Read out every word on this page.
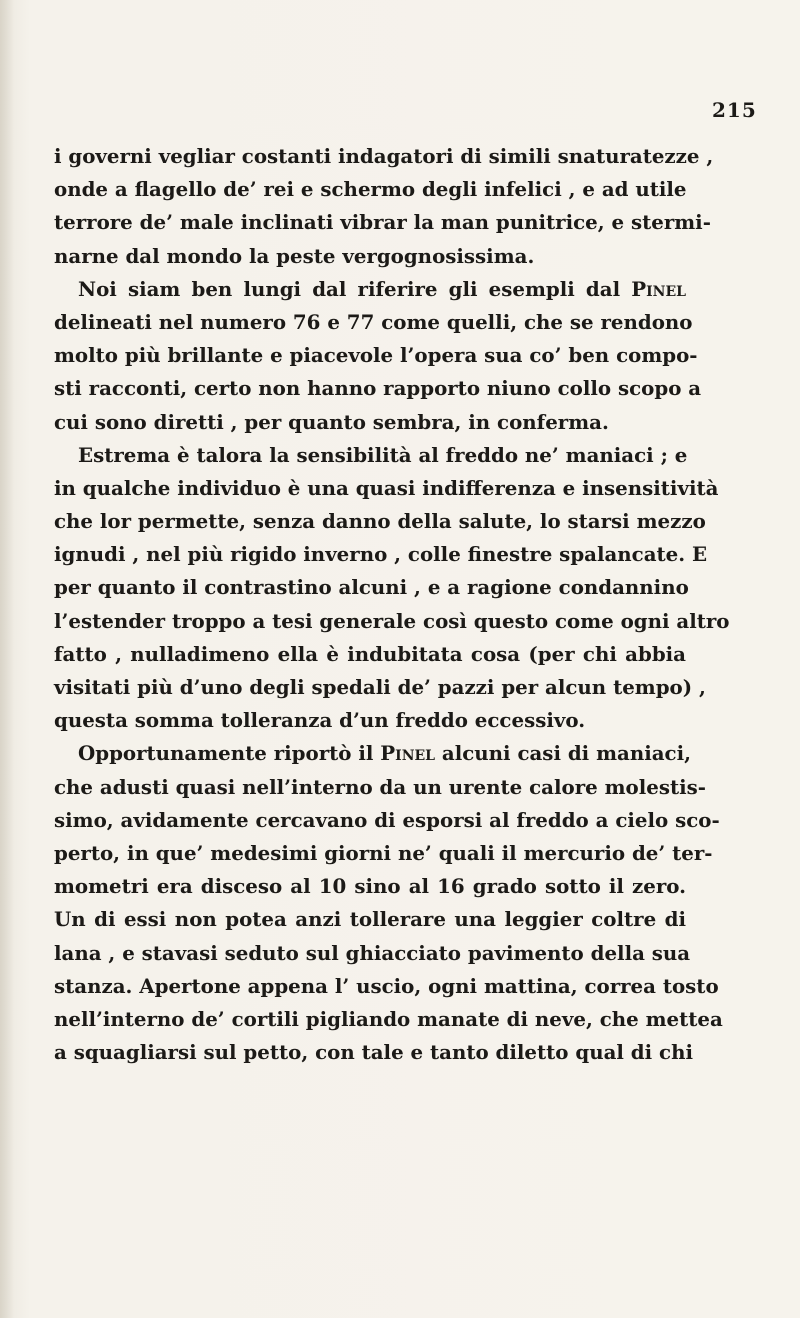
215
i governi vegliar costanti indagatori di simili snaturatezze ,
onde a flagello de’ rei e schermo degli infelici , e ad utile
terrore de’ male inclinati vibrar la man punitrice, e stermi-
narne dal mondo la peste vergognosissima.
Noi siam ben lungi dal riferire gli esempli dal Pinel
delineati nel numero 76 e 77 come quelli, che se rendono
molto più brillante e piacevole l’opera sua co’ ben compo-
sti racconti, certo non hanno rapporto niuno collo scopo a
cui sono diretti , per quanto sembra, in conferma.
Estrema è talora la sensibilità al freddo ne’ maniaci ; e
in qualche individuo è una quasi indifferenza e insensitività
che lor permette, senza danno della salute, lo starsi mezzo
ignudi , nel più rigido inverno , colle finestre spalancate. E
per quanto il contrastino alcuni , e a ragione condannino
l’estender troppo a tesi generale così questo come ogni altro
fatto , nulladimeno ella è indubitata cosa (per chi abbia
visitati più d’uno degli spedali de’ pazzi per alcun tempo) ,
questa somma tolleranza d’un freddo eccessivo.
Opportunamente riportò il Pinel alcuni casi di maniaci,
che adusti quasi nell’interno da un urente calore molestis-
simo, avidamente cercavano di esporsi al freddo a cielo sco-
perto, in que’ medesimi giorni ne’ quali il mercurio de’ ter-
mometri era disceso al 10 sino al 16 grado sotto il zero.
Un di essi non potea anzi tollerare una leggier coltre di
lana , e stavasi seduto sul ghiacciato pavimento della sua
stanza. Apertone appena l’ uscio, ogni mattina, correa tosto
nell’interno de’ cortili pigliando manate di neve, che mettea
a squagliarsi sul petto, con tale e tanto diletto qual di chi
